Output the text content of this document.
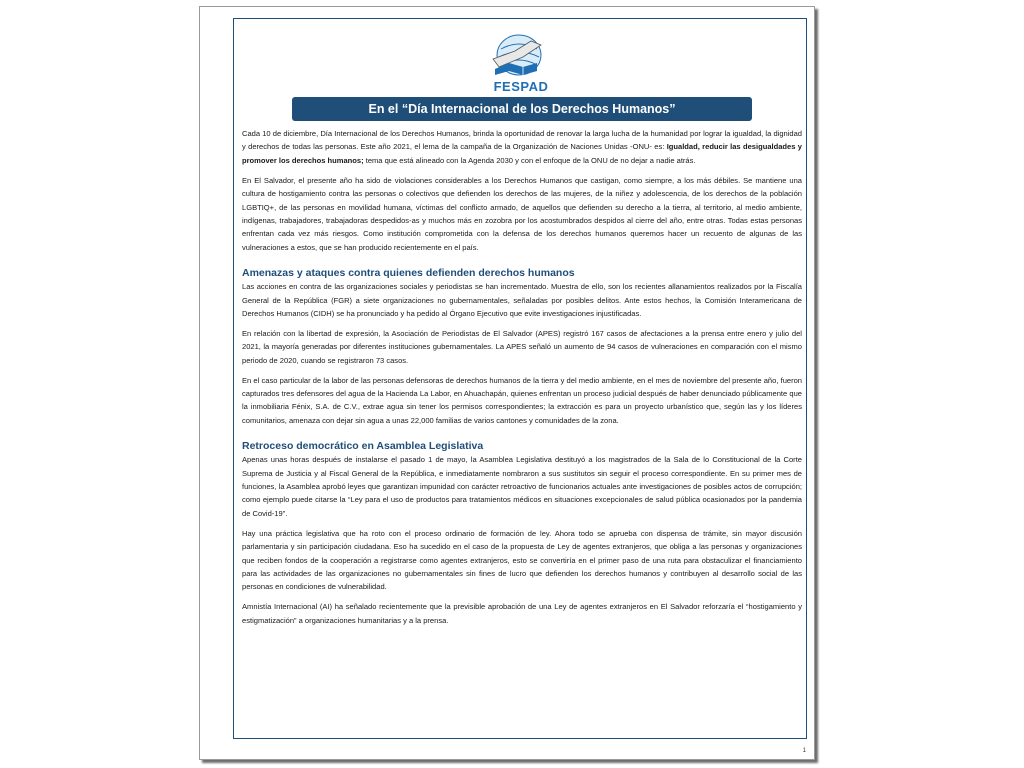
FESPAD
En el “Día Internacional de los Derechos Humanos”

Cada 10 de diciembre, Día Internacional de los Derechos Humanos, brinda la oportunidad de renovar la larga lucha de la humanidad por lograr la igualdad, la dignidad y derechos de todas las personas. Este año 2021, el lema de la campaña de la Organización de Naciones Unidas -ONU- es: Igualdad, reducir las desigualdades y promover los derechos humanos; tema que está alineado con la Agenda 2030 y con el enfoque de la ONU de no dejar a nadie atrás.

En El Salvador, el presente año ha sido de violaciones considerables a los Derechos Humanos que castigan, como siempre, a los más débiles. Se mantiene una cultura de hostigamiento contra las personas o colectivos que defienden los derechos de las mujeres, de la niñez y adolescencia, de los derechos de la población LGBTIQ+, de las personas en movilidad humana, víctimas del conflicto armado, de aquellos que defienden su derecho a la tierra, al territorio, al medio ambiente, indígenas, trabajadores, trabajadoras despedidos-as y muchos más en zozobra por los acostumbrados despidos al cierre del año, entre otras. Todas estas personas enfrentan cada vez más riesgos. Como institución comprometida con la defensa de los derechos humanos queremos hacer un recuento de algunas de las vulneraciones a estos, que se han producido recientemente en el país.

Amenazas y ataques contra quienes defienden derechos humanos

Las acciones en contra de las organizaciones sociales y periodistas se han incrementado. Muestra de ello, son los recientes allanamientos realizados por la Fiscalía General de la República (FGR) a siete organizaciones no gubernamentales, señaladas por posibles delitos. Ante estos hechos, la Comisión Interamericana de Derechos Humanos (CIDH) se ha pronunciado y ha pedido al Órgano Ejecutivo que evite investigaciones injustificadas.

En relación con la libertad de expresión, la Asociación de Periodistas de El Salvador (APES) registró 167 casos de afectaciones a la prensa entre enero y julio del 2021, la mayoría generadas por diferentes instituciones gubernamentales. La APES señaló un aumento de 94 casos de vulneraciones en comparación con el mismo periodo de 2020, cuando se registraron 73 casos.

En el caso particular de la labor de las personas defensoras de derechos humanos de la tierra y del medio ambiente, en el mes de noviembre del presente año, fueron capturados tres defensores del agua de la Hacienda La Labor, en Ahuachapán, quienes enfrentan un proceso judicial después de haber denunciado públicamente que la inmobiliaria Fénix, S.A. de C.V., extrae agua sin tener los permisos correspondientes; la extracción es para un proyecto urbanístico que, según las y los líderes comunitarios, amenaza con dejar sin agua a unas 22,000 familias de varios cantones y comunidades de la zona.

Retroceso democrático en Asamblea Legislativa

Apenas unas horas después de instalarse el pasado 1 de mayo, la Asamblea Legislativa destituyó a los magistrados de la Sala de lo Constitucional de la Corte Suprema de Justicia y al Fiscal General de la República, e inmediatamente nombraron a sus sustitutos sin seguir el proceso correspondiente. En su primer mes de funciones, la Asamblea aprobó leyes que garantizan impunidad con carácter retroactivo de funcionarios actuales ante investigaciones de posibles actos de corrupción; como ejemplo puede citarse la “Ley para el uso de productos para tratamientos médicos en situaciones excepcionales de salud pública ocasionados por la pandemia de Covid-19”.

Hay una práctica legislativa que ha roto con el proceso ordinario de formación de ley. Ahora todo se aprueba con dispensa de trámite, sin mayor discusión parlamentaria y sin participación ciudadana. Eso ha sucedido en el caso de la propuesta de Ley de agentes extranjeros, que obliga a las personas y organizaciones que reciben fondos de la cooperación a registrarse como agentes extranjeros, esto se convertiría en el primer paso de una ruta para obstaculizar el financiamiento para las actividades de las organizaciones no gubernamentales sin fines de lucro que defienden los derechos humanos y contribuyen al desarrollo social de las personas en condiciones de vulnerabilidad.

Amnistía Internacional (AI) ha señalado recientemente que la previsible aprobación de una Ley de agentes extranjeros en El Salvador reforzaría el “hostigamiento y estigmatización” a organizaciones humanitarias y a la prensa.

1
